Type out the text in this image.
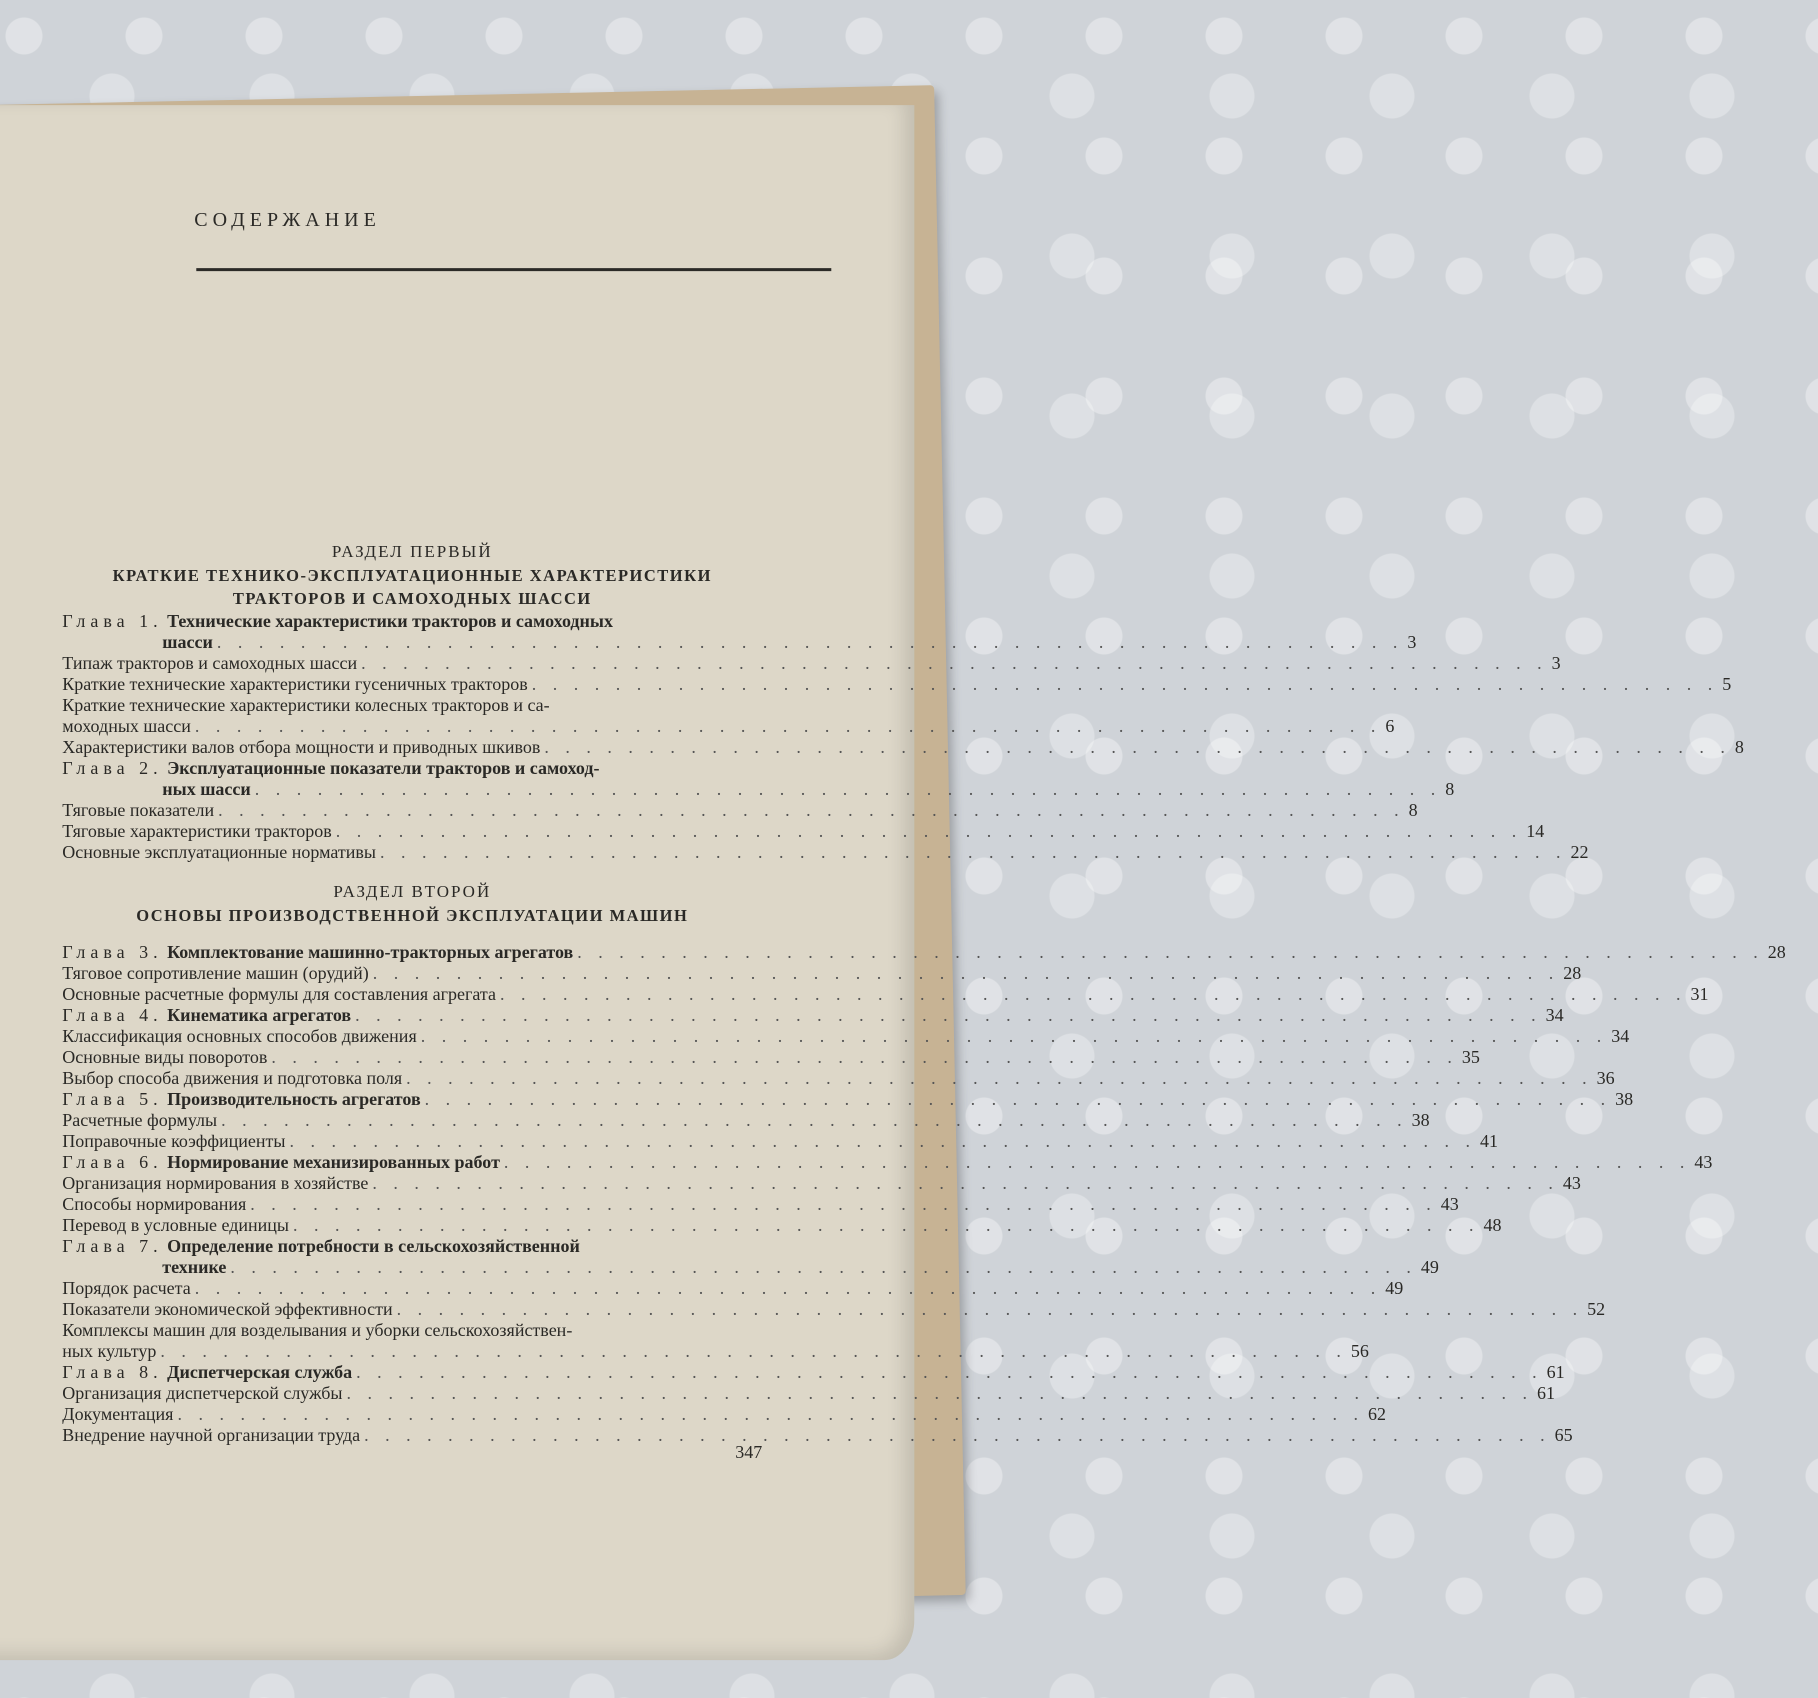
СОДЕРЖАНИЕ
РАЗДЕЛ ПЕРВЫЙ
КРАТКИЕ ТЕХНИКО-ЭКСПЛУАТАЦИОННЫЕ ХАРАКТЕРИСТИКИ
ТРАКТОРОВ И САМОХОДНЫХ ШАССИ
Глава 1. Технические характеристики тракторов и самоходных
шасси . . . . . . . . . . . . . . . . . . . . . . . . . . . . . . . . . . . . . . . . . . . . . . . . . . . . . . . . . 3
Типаж тракторов и самоходных шасси . . . . . . . . . . . . . . . . . . . . . . . . . . . . . . . . . . . . . . . . . . . . . . . . . . . . . . . . . 3
Краткие технические характеристики гусеничных тракторов . . . . . . . . . . . . . . . . . . . . . . . . . . . . . . . . . . . . . . . . . . . . . . . . . . . . . . . . . 5
Краткие технические характеристики колесных тракторов и са-
моходных шасси . . . . . . . . . . . . . . . . . . . . . . . . . . . . . . . . . . . . . . . . . . . . . . . . . . . . . . . . . 6
Характеристики валов отбора мощности и приводных шкивов . . . . . . . . . . . . . . . . . . . . . . . . . . . . . . . . . . . . . . . . . . . . . . . . . . . . . . . . . 8
Глава 2. Эксплуатационные показатели тракторов и самоход-
ных шасси . . . . . . . . . . . . . . . . . . . . . . . . . . . . . . . . . . . . . . . . . . . . . . . . . . . . . . . . . 8
Тяговые показатели . . . . . . . . . . . . . . . . . . . . . . . . . . . . . . . . . . . . . . . . . . . . . . . . . . . . . . . . . 8
Тяговые характеристики тракторов . . . . . . . . . . . . . . . . . . . . . . . . . . . . . . . . . . . . . . . . . . . . . . . . . . . . . . . . . 14
Основные эксплуатационные нормативы . . . . . . . . . . . . . . . . . . . . . . . . . . . . . . . . . . . . . . . . . . . . . . . . . . . . . . . . . 22
РАЗДЕЛ ВТОРОЙ
ОСНОВЫ ПРОИЗВОДСТВЕННОЙ ЭКСПЛУАТАЦИИ МАШИН
Глава 3. Комплектование машинно-тракторных агрегатов . . . . . . . . . . . . . . . . . . . . . . . . . . . . . . . . . . . . . . . . . . . . . . . . . . . . . . . . . 28
Тяговое сопротивление машин (орудий) . . . . . . . . . . . . . . . . . . . . . . . . . . . . . . . . . . . . . . . . . . . . . . . . . . . . . . . . . 28
Основные расчетные формулы для составления агрегата . . . . . . . . . . . . . . . . . . . . . . . . . . . . . . . . . . . . . . . . . . . . . . . . . . . . . . . . . 31
Глава 4. Кинематика агрегатов . . . . . . . . . . . . . . . . . . . . . . . . . . . . . . . . . . . . . . . . . . . . . . . . . . . . . . . . . 34
Классификация основных способов движения . . . . . . . . . . . . . . . . . . . . . . . . . . . . . . . . . . . . . . . . . . . . . . . . . . . . . . . . . 34
Основные виды поворотов . . . . . . . . . . . . . . . . . . . . . . . . . . . . . . . . . . . . . . . . . . . . . . . . . . . . . . . . . 35
Выбор способа движения и подготовка поля . . . . . . . . . . . . . . . . . . . . . . . . . . . . . . . . . . . . . . . . . . . . . . . . . . . . . . . . . 36
Глава 5. Производительность агрегатов . . . . . . . . . . . . . . . . . . . . . . . . . . . . . . . . . . . . . . . . . . . . . . . . . . . . . . . . . 38
Расчетные формулы . . . . . . . . . . . . . . . . . . . . . . . . . . . . . . . . . . . . . . . . . . . . . . . . . . . . . . . . . 38
Поправочные коэффициенты . . . . . . . . . . . . . . . . . . . . . . . . . . . . . . . . . . . . . . . . . . . . . . . . . . . . . . . . . 41
Глава 6. Нормирование механизированных работ . . . . . . . . . . . . . . . . . . . . . . . . . . . . . . . . . . . . . . . . . . . . . . . . . . . . . . . . . 43
Организация нормирования в хозяйстве . . . . . . . . . . . . . . . . . . . . . . . . . . . . . . . . . . . . . . . . . . . . . . . . . . . . . . . . . 43
Способы нормирования . . . . . . . . . . . . . . . . . . . . . . . . . . . . . . . . . . . . . . . . . . . . . . . . . . . . . . . . . 43
Перевод в условные единицы . . . . . . . . . . . . . . . . . . . . . . . . . . . . . . . . . . . . . . . . . . . . . . . . . . . . . . . . . 48
Глава 7. Определение потребности в сельскохозяйственной
технике . . . . . . . . . . . . . . . . . . . . . . . . . . . . . . . . . . . . . . . . . . . . . . . . . . . . . . . . . 49
Порядок расчета . . . . . . . . . . . . . . . . . . . . . . . . . . . . . . . . . . . . . . . . . . . . . . . . . . . . . . . . . 49
Показатели экономической эффективности . . . . . . . . . . . . . . . . . . . . . . . . . . . . . . . . . . . . . . . . . . . . . . . . . . . . . . . . . 52
Комплексы машин для возделывания и уборки сельскохозяйствен-
ных культур . . . . . . . . . . . . . . . . . . . . . . . . . . . . . . . . . . . . . . . . . . . . . . . . . . . . . . . . . 56
Глава 8. Диспетчерская служба . . . . . . . . . . . . . . . . . . . . . . . . . . . . . . . . . . . . . . . . . . . . . . . . . . . . . . . . . 61
Организация диспетчерской службы . . . . . . . . . . . . . . . . . . . . . . . . . . . . . . . . . . . . . . . . . . . . . . . . . . . . . . . . . 61
Документация . . . . . . . . . . . . . . . . . . . . . . . . . . . . . . . . . . . . . . . . . . . . . . . . . . . . . . . . . 62
Внедрение научной организации труда . . . . . . . . . . . . . . . . . . . . . . . . . . . . . . . . . . . . . . . . . . . . . . . . . . . . . . . . . 65
347
